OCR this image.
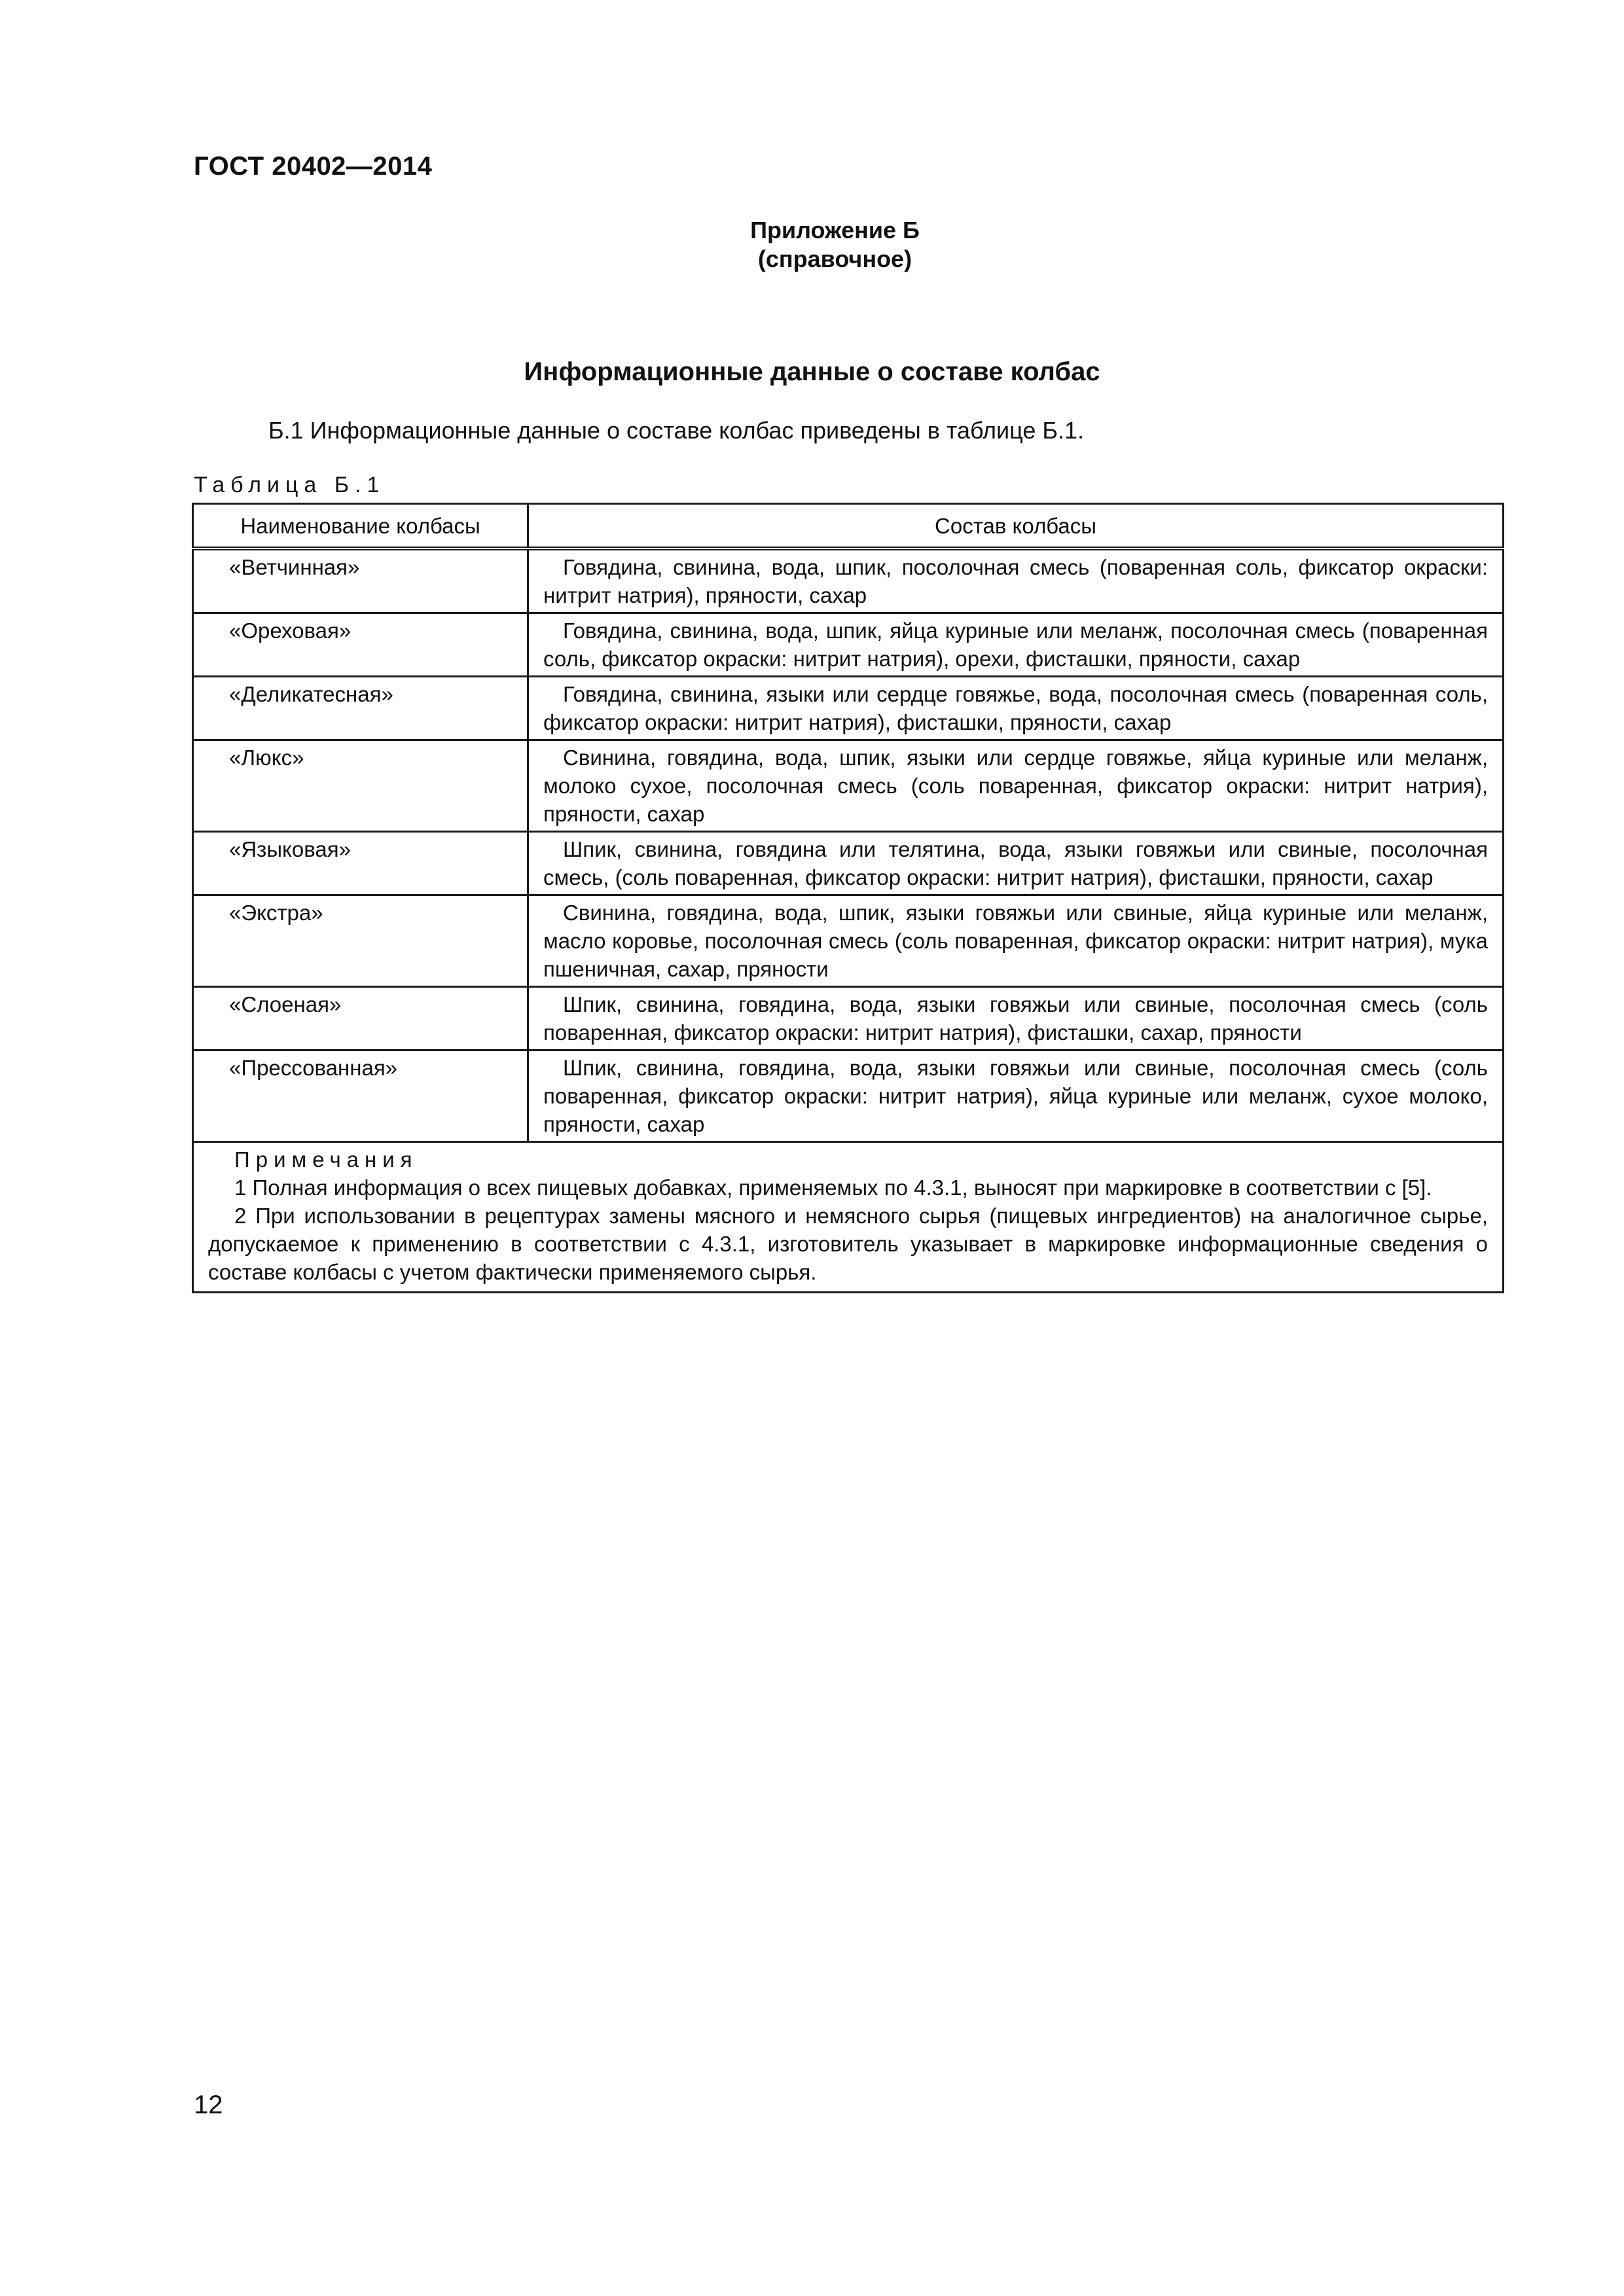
ГОСТ 20402—2014
Приложение Б
(справочное)
Информационные данные о составе колбас
Б.1 Информационные данные о составе колбас приведены в таблице Б.1.
Таблица Б.1
Наименование колбасы	Состав колбасы
«Ветчинная»	Говядина, свинина, вода, шпик, посолочная смесь (поваренная соль, фиксатор окраски: нитрит натрия), пряности, сахар
«Ореховая»	Говядина, свинина, вода, шпик, яйца куриные или меланж, посолочная смесь (поваренная соль, фиксатор окраски: нитрит натрия), орехи, фисташки, пряности, сахар
«Деликатесная»	Говядина, свинина, языки или сердце говяжье, вода, посолочная смесь (поваренная соль, фиксатор окраски: нитрит натрия), фисташки, пряности, сахар
«Люкс»	Свинина, говядина, вода, шпик, языки или сердце говяжье, яйца куриные или меланж, молоко сухое, посолочная смесь (соль поваренная, фиксатор окраски: нитрит натрия), пряности, сахар
«Языковая»	Шпик, свинина, говядина или телятина, вода, языки говяжьи или свиные, посолочная смесь, (соль поваренная, фиксатор окраски: нитрит натрия), фисташки, пряности, сахар
«Экстра»	Свинина, говядина, вода, шпик, языки говяжьи или свиные, яйца куриные или меланж, масло коровье, посолочная смесь (соль поваренная, фиксатор окраски: нитрит натрия), мука пшеничная, сахар, пряности
«Слоеная»	Шпик, свинина, говядина, вода, языки говяжьи или свиные, посолочная смесь (соль поваренная, фиксатор окраски: нитрит натрия), фисташки, сахар, пряности
«Прессованная»	Шпик, свинина, говядина, вода, языки говяжьи или свиные, посолочная смесь (соль поваренная, фиксатор окраски: нитрит натрия), яйца куриные или меланж, сухое молоко, пряности, сахар

Примечания
1 Полная информация о всех пищевых добавках, применяемых по 4.3.1, выносят при маркировке в соответствии с [5].
2 При использовании в рецептурах замены мясного и немясного сырья (пищевых ингредиентов) на аналогичное сырье, допускаемое к применению в соответствии с 4.3.1, изготовитель указывает в маркировке информационные сведения о составе колбасы с учетом фактически применяемого сырья.	
12
